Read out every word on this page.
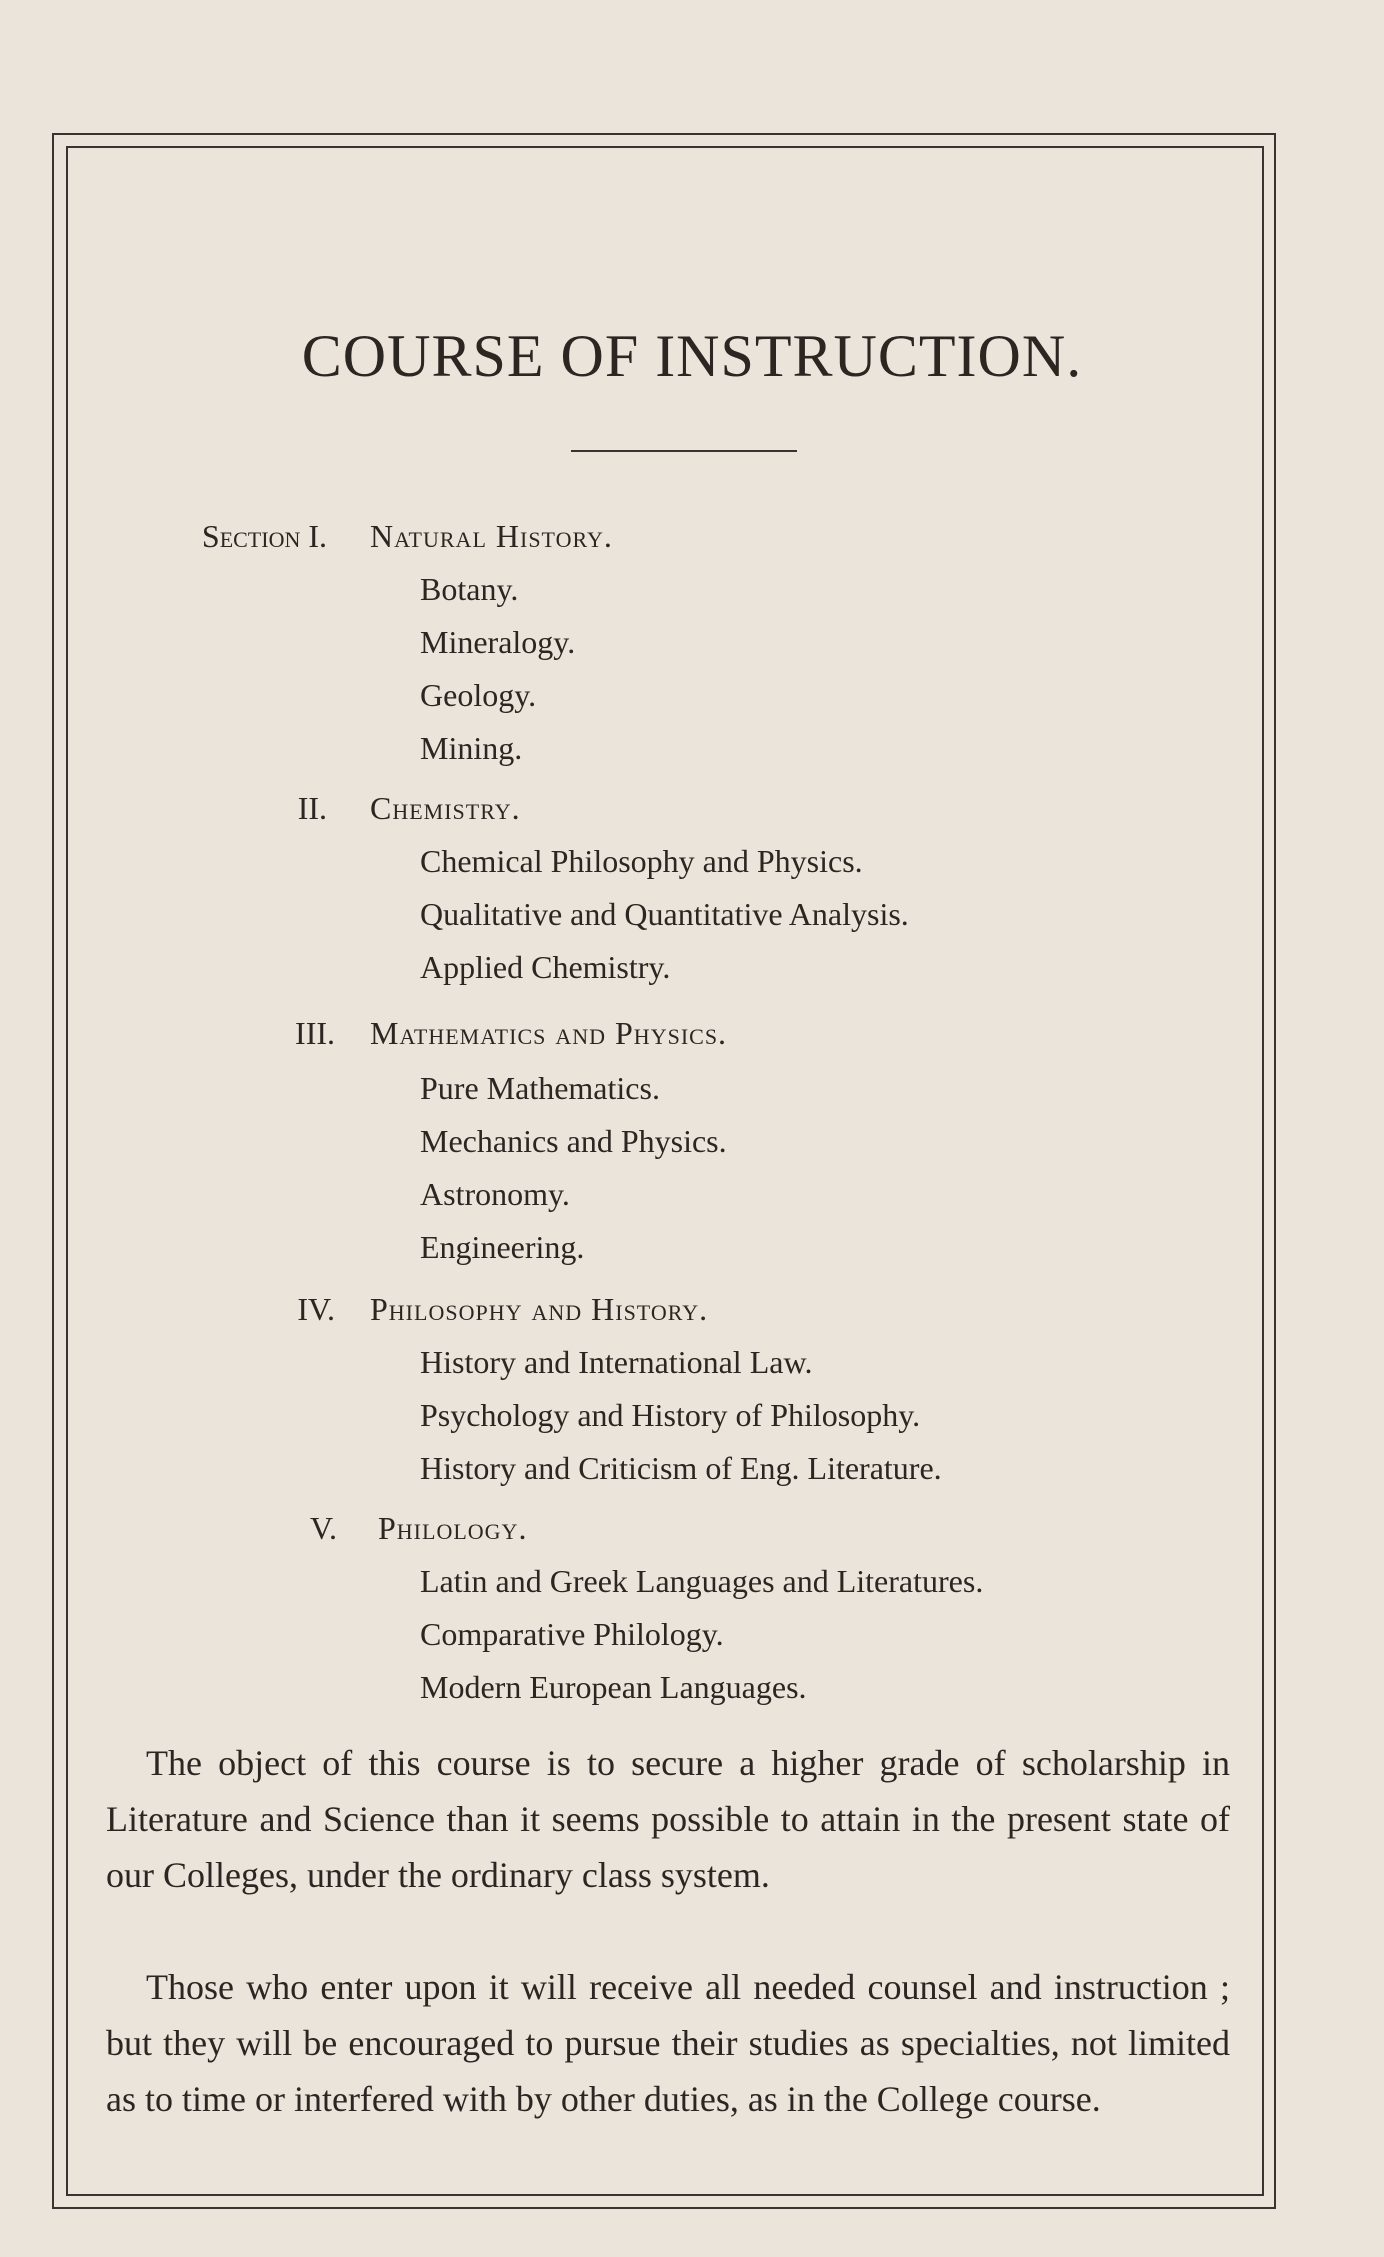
COURSE OF INSTRUCTION.
Section I. Natural History.
Botany.
Mineralogy.
Geology.
Mining.
II. Chemistry.
Chemical Philosophy and Physics.
Qualitative and Quantitative Analysis.
Applied Chemistry.
III. Mathematics and Physics.
Pure Mathematics.
Mechanics and Physics.
Astronomy.
Engineering.
IV. Philosophy and History.
History and International Law.
Psychology and History of Philosophy.
History and Criticism of Eng. Literature.
V. Philology.
Latin and Greek Languages and Literatures.
Comparative Philology.
Modern European Languages.

The object of this course is to secure a higher grade of scholarship in Literature and Science than it seems possible to attain in the present state of our Colleges, under the ordinary class system.

Those who enter upon it will receive all needed counsel and instruction ; but they will be encouraged to pursue their studies as specialties, not limited as to time or interfered with by other duties, as in the College course.
